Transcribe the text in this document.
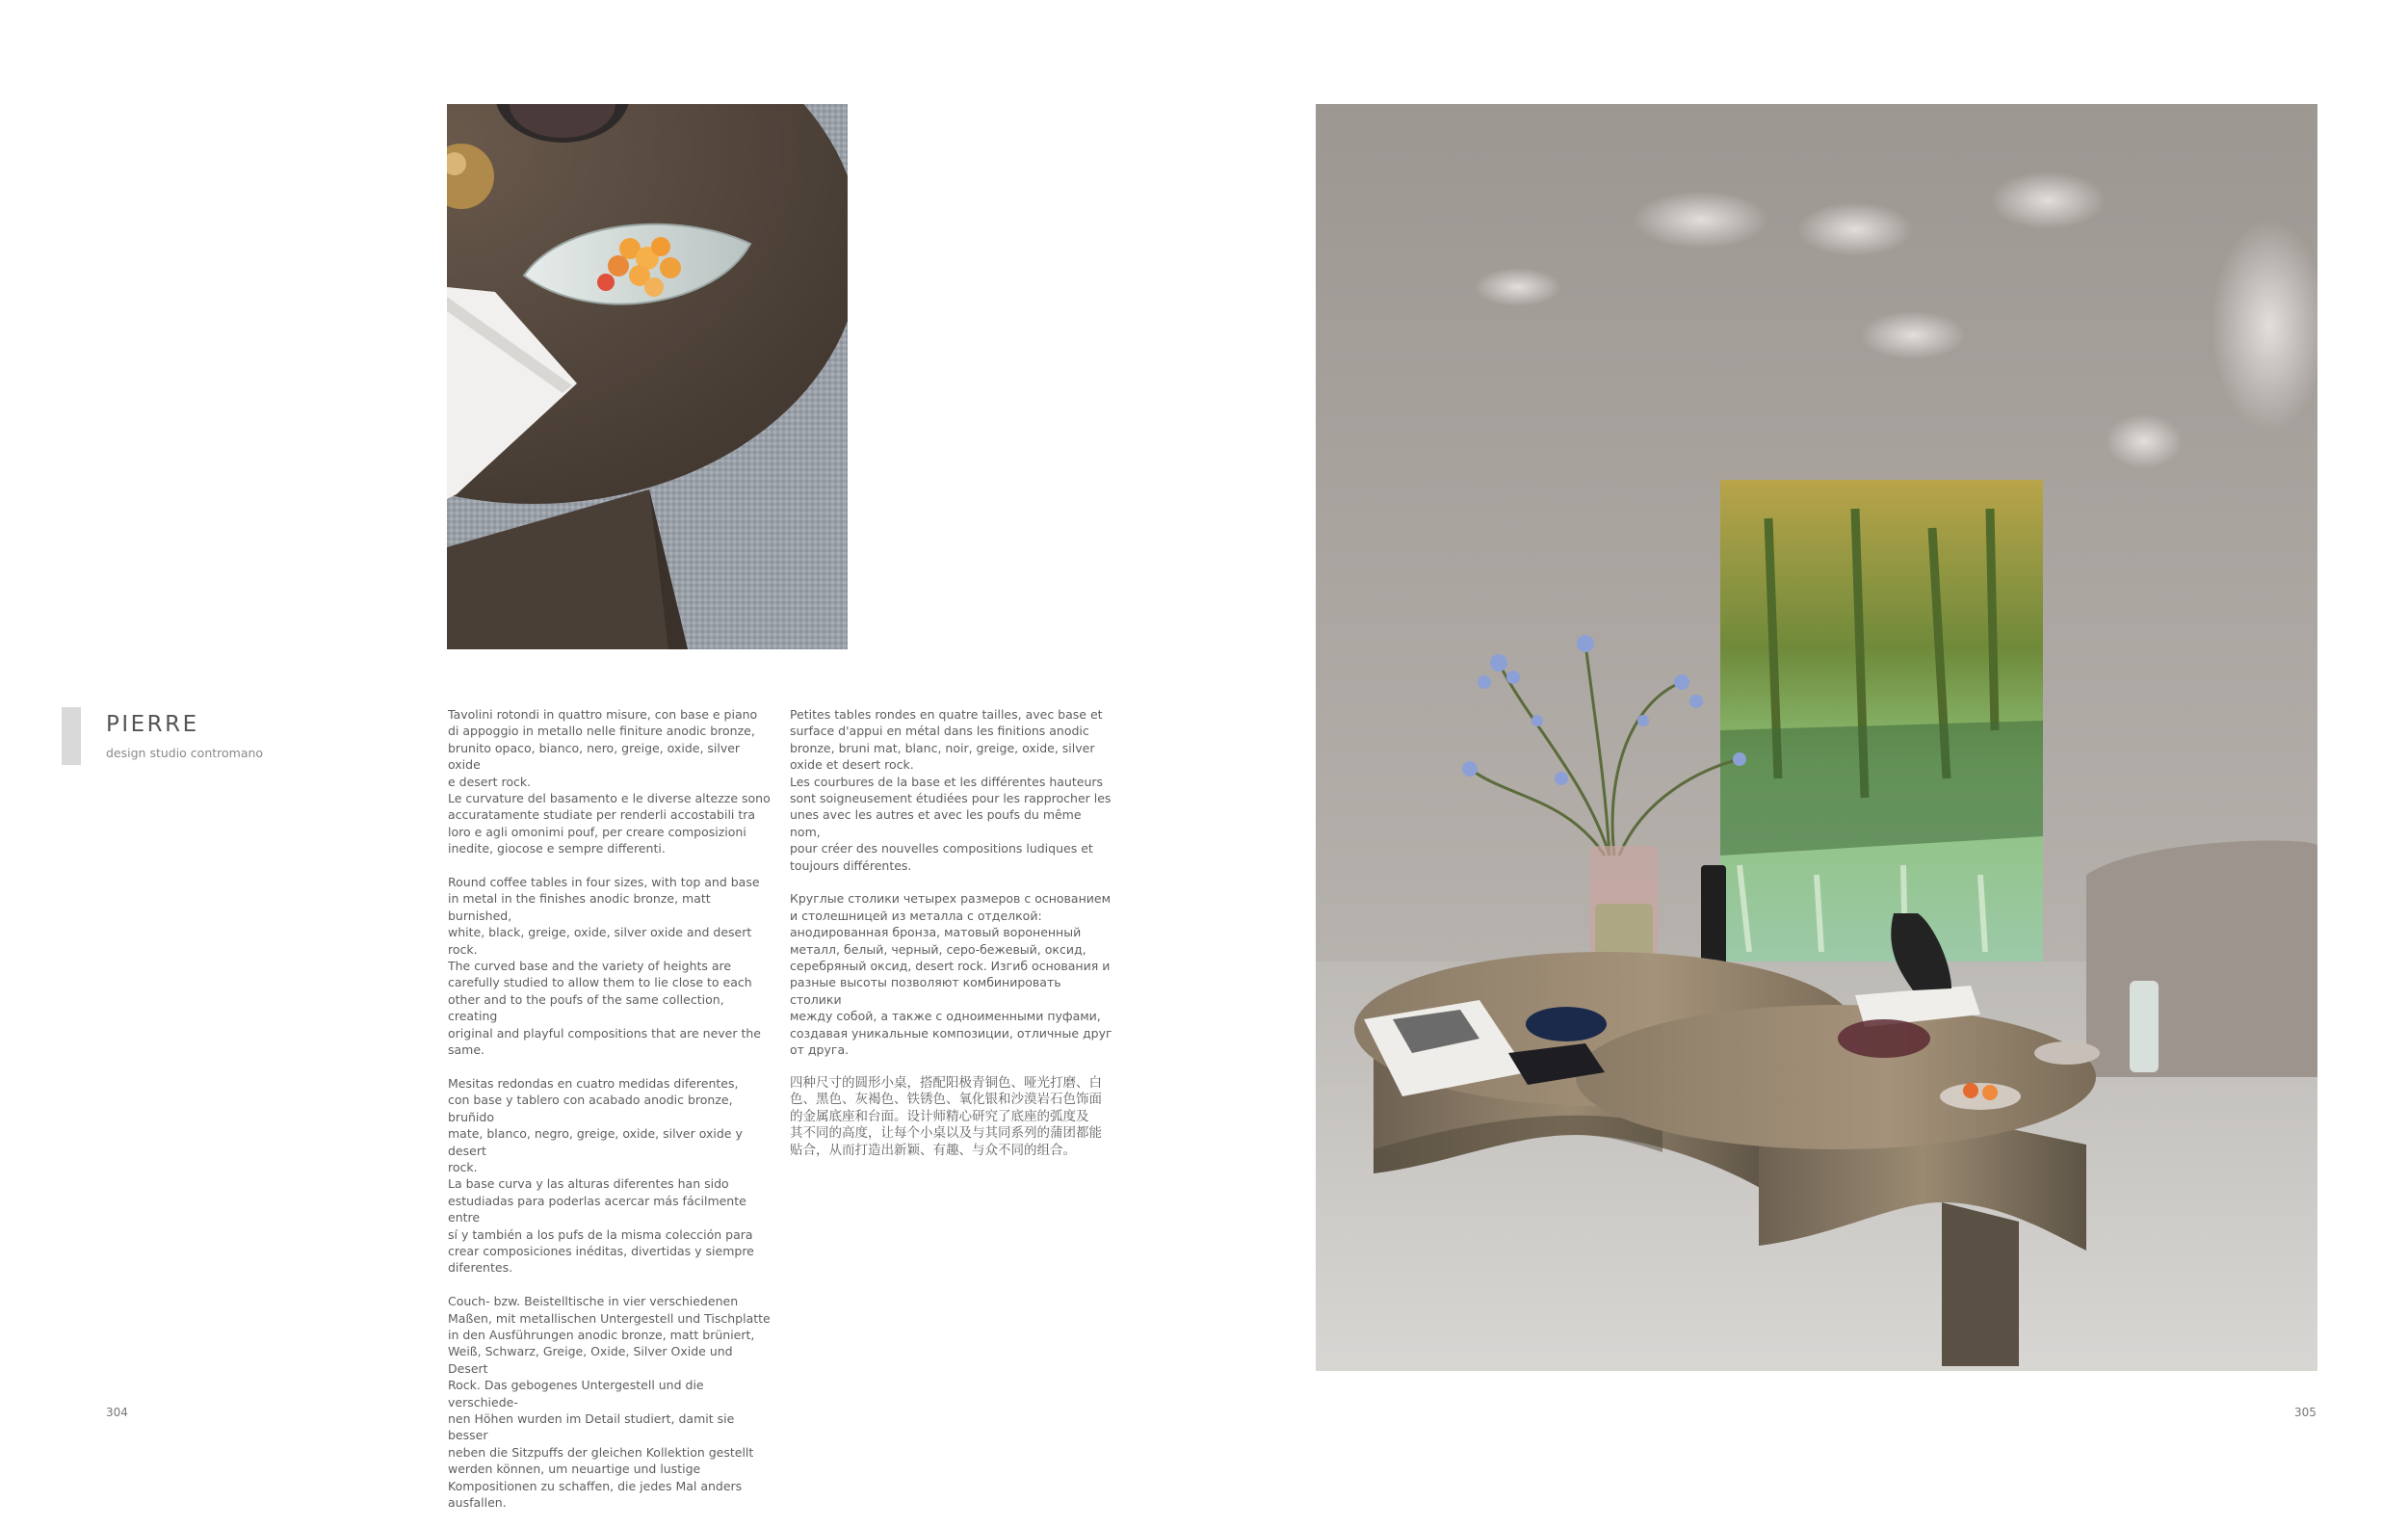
PIERRE
design studio contromano

Tavolini rotondi in quattro misure, con base e piano
di appoggio in metallo nelle finiture anodic bronze,
brunito opaco, bianco, nero, greige, oxide, silver oxide
e desert rock.
Le curvature del basamento e le diverse altezze sono
accuratamente studiate per renderli accostabili tra
loro e agli omonimi pouf, per creare composizioni
inedite, giocose e sempre differenti.

Round coffee tables in four sizes, with top and base
in metal in the finishes anodic bronze, matt burnished,
white, black, greige, oxide, silver oxide and desert
rock.
The curved base and the variety of heights are
carefully studied to allow them to lie close to each
other and to the poufs of the same collection, creating
original and playful compositions that are never the
same.

Mesitas redondas en cuatro medidas diferentes,
con base y tablero con acabado anodic bronze, bruñido
mate, blanco, negro, greige, oxide, silver oxide y desert
rock.
La base curva y las alturas diferentes han sido
estudiadas para poderlas acercar más fácilmente entre
sí y también a los pufs de la misma colección para
crear composiciones inéditas, divertidas y siempre
diferentes.

Couch- bzw. Beistelltische in vier verschiedenen
Maßen, mit metallischen Untergestell und Tischplatte
in den Ausführungen anodic bronze, matt brüniert,
Weiß, Schwarz, Greige, Oxide, Silver Oxide und Desert
Rock. Das gebogenes Untergestell und die verschiede-
nen Höhen wurden im Detail studiert, damit sie besser
neben die Sitzpuffs der gleichen Kollektion gestellt
werden können, um neuartige und lustige
Kompositionen zu schaffen, die jedes Mal anders
ausfallen.

Petites tables rondes en quatre tailles, avec base et
surface d'appui en métal dans les finitions anodic
bronze, bruni mat, blanc, noir, greige, oxide, silver
oxide et desert rock.
Les courbures de la base et les différentes hauteurs
sont soigneusement étudiées pour les rapprocher les
unes avec les autres et avec les poufs du même nom,
pour créer des nouvelles compositions ludiques et
toujours différentes.

Круглые столики четырех размеров с основанием
и столешницей из металла с отделкой:
анодированная бронза, матовый вороненный
металл, белый, черный, серо-бежевый, оксид,
серебряный оксид, desert rock. Изгиб основания и
разные высоты позволяют комбинировать столики
между собой, а также с одноименными пуфами,
создавая уникальные композиции, отличные друг
от друга.

四种尺寸的圆形小桌，搭配阳极青铜色、哑光打磨、白
色、黑色、灰褐色、铁锈色、氧化银和沙漠岩石色饰面
的金属底座和台面。设计师精心研究了底座的弧度及
其不同的高度，让每个小桌以及与其同系列的蒲团都能
贴合，从而打造出新颖、有趣、与众不同的组合。

304	305
